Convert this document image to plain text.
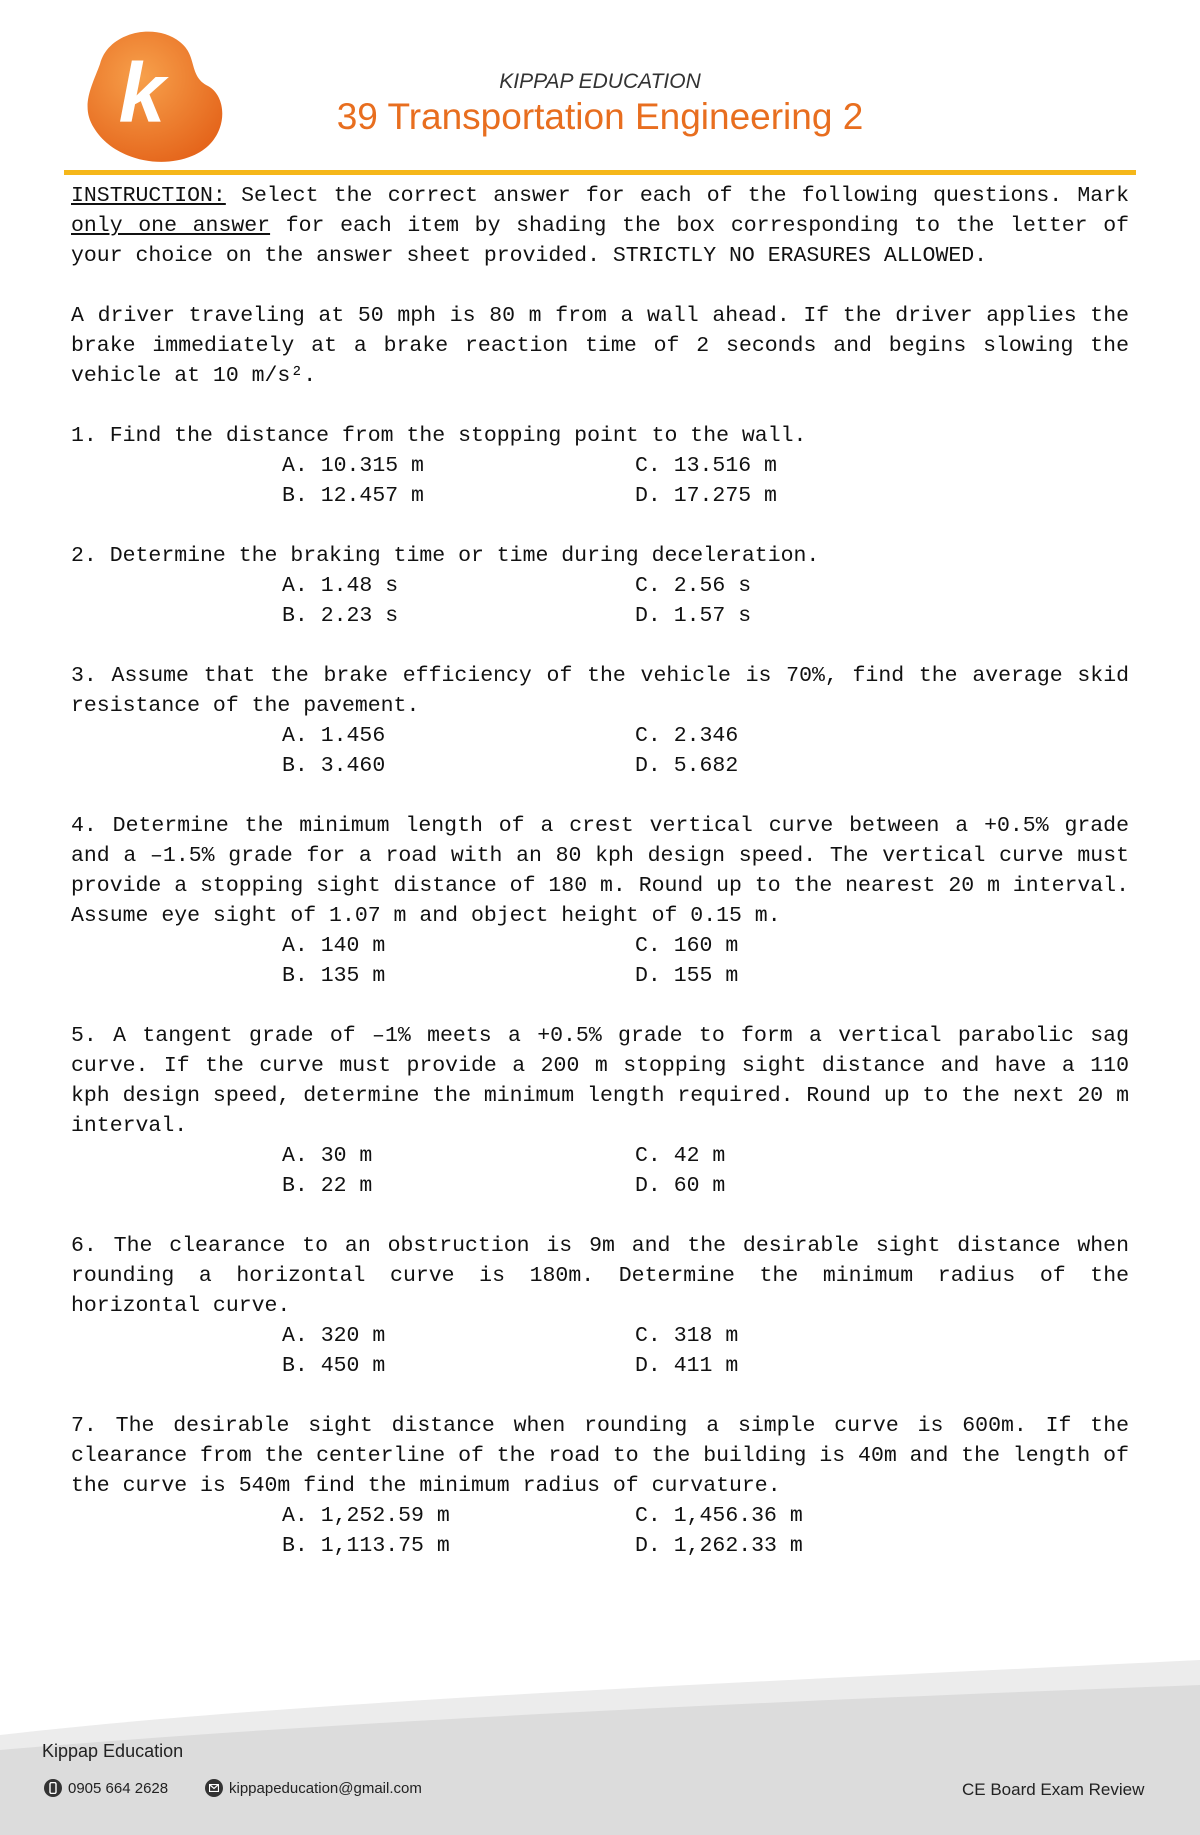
k	KIPPAP EDUCATION
39 Transportation Engineering 2

INSTRUCTION: Select the correct answer for each of the following questions. Mark only one answer for each item by shading the box corresponding to the letter of your choice on the answer sheet provided. STRICTLY NO ERASURES ALLOWED.

A driver traveling at 50 mph is 80 m from a wall ahead. If the driver applies the brake immediately at a brake reaction time of 2 seconds and begins slowing the vehicle at 10 m/s².

1. Find the distance from the stopping point to the wall.

A. 10.315 m	C. 13.516 m
B. 12.457 m	D. 17.275 m

2. Determine the braking time or time during deceleration.

A. 1.48 s	C. 2.56 s
B. 2.23 s	D. 1.57 s

3. Assume that the brake efficiency of the vehicle is 70%, find the average skid resistance of the pavement.

A. 1.456	C. 2.346
B. 3.460	D. 5.682

4. Determine the minimum length of a crest vertical curve between a +0.5% grade and a –1.5% grade for a road with an 80 kph design speed. The vertical curve must provide a stopping sight distance of 180 m. Round up to the nearest 20 m interval. Assume eye sight of 1.07 m and object height of 0.15 m.

A. 140 m	C. 160 m
B. 135 m	D. 155 m

5. A tangent grade of –1% meets a +0.5% grade to form a vertical parabolic sag curve. If the curve must provide a 200 m stopping sight distance and have a 110 kph design speed, determine the minimum length required. Round up to the next 20 m interval.

A. 30 m	C. 42 m
B. 22 m	D. 60 m

6. The clearance to an obstruction is 9m and the desirable sight distance when rounding a horizontal curve is 180m. Determine the minimum radius of the horizontal curve.

A. 320 m	C. 318 m
B. 450 m	D. 411 m

7. The desirable sight distance when rounding a simple curve is 600m. If the clearance from the centerline of the road to the building is 40m and the length of the curve is 540m find the minimum radius of curvature.

A. 1,252.59 m	C. 1,456.36 m
B. 1,113.75 m	D. 1,262.33 m
Kippap Education
0905 664 2628	kippapeducation@gmail.com	CE Board Exam Review
